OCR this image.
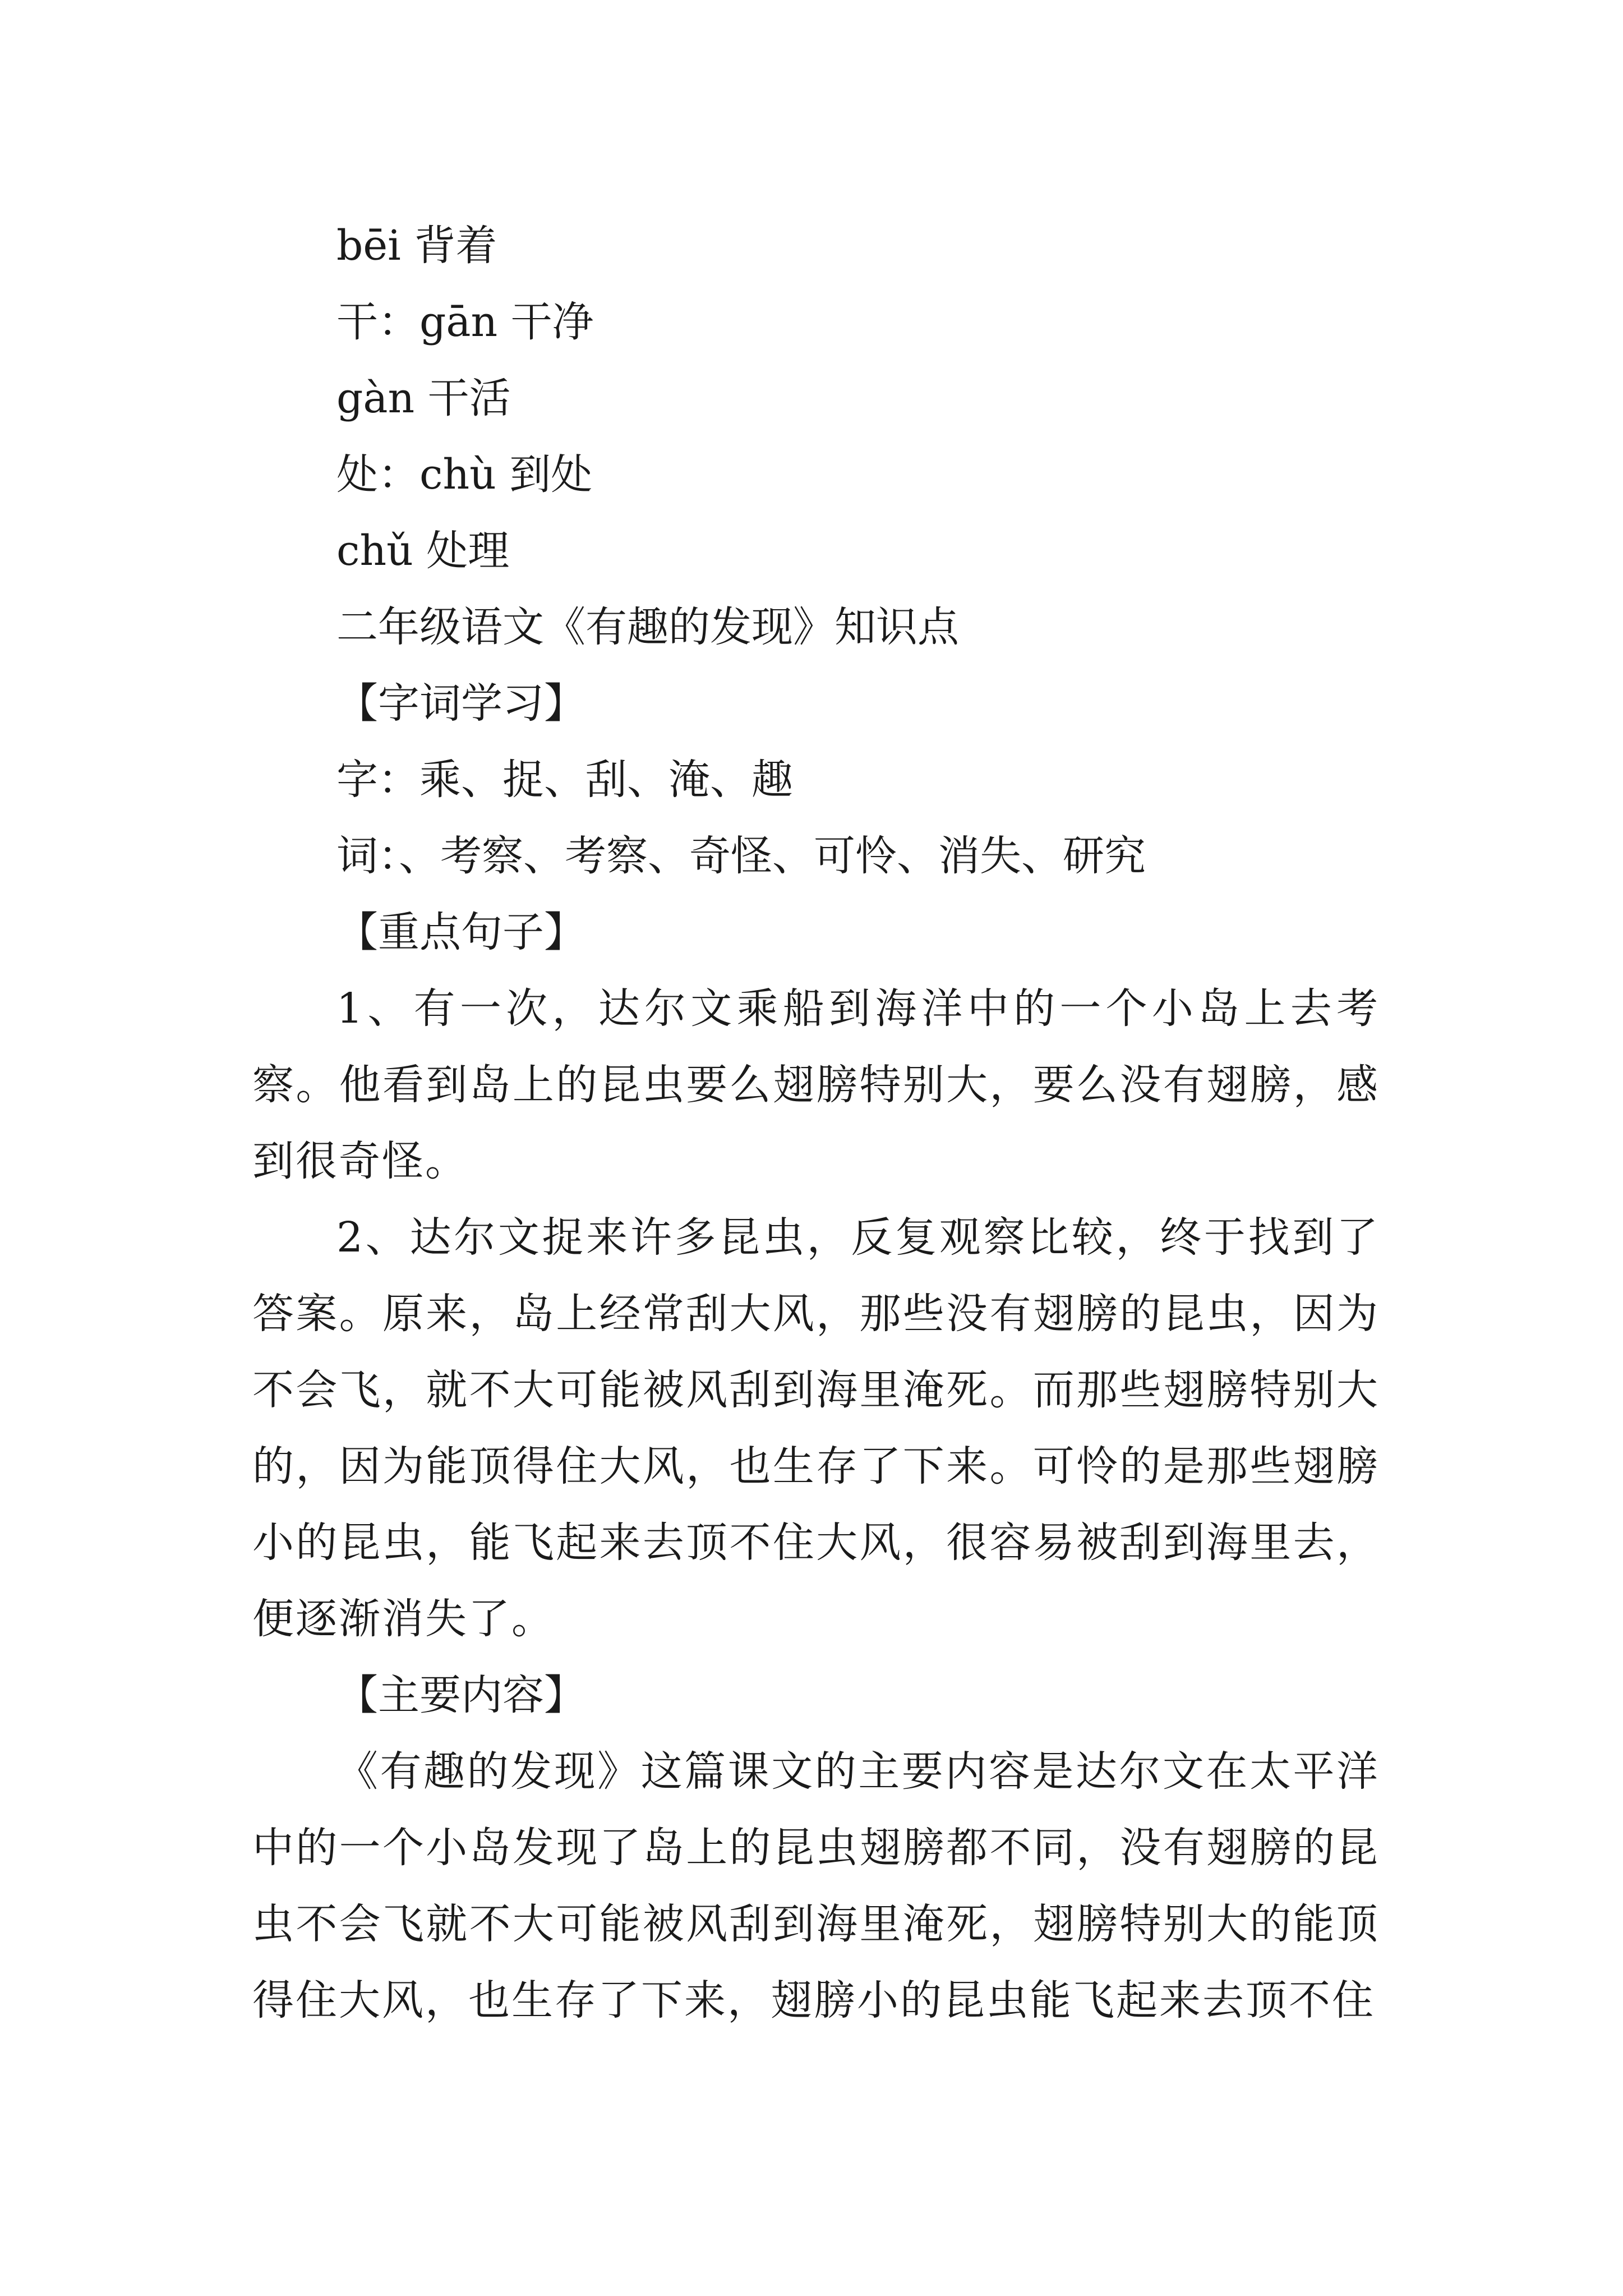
bēi 背着
干：gān 干净
gàn 干活
处：chù 到处
chǔ 处理
二年级语文《有趣的发现》知识点
【字词学习】
字：乘、捉、刮、淹、趣
词：、考察、考察、奇怪、可怜、消失、研究
【重点句子】

1、有一次，达尔文乘船到海洋中的一个小岛上去考察。他看到岛上的昆虫要么翅膀特别大，要么没有翅膀，感到很奇怪。

2、达尔文捉来许多昆虫，反复观察比较，终于找到了答案。原来，岛上经常刮大风，那些没有翅膀的昆虫，因为不会飞，就不大可能被风刮到海里淹死。而那些翅膀特别大的，因为能顶得住大风，也生存了下来。可怜的是那些翅膀小的昆虫，能飞起来去顶不住大风，很容易被刮到海里去，便逐渐消失了。

【主要内容】

《有趣的发现》这篇课文的主要内容是达尔文在太平洋中的一个小岛发现了岛上的昆虫翅膀都不同，没有翅膀的昆虫不会飞就不大可能被风刮到海里淹死，翅膀特别大的能顶得住大风，也生存了下来，翅膀小的昆虫能飞起来去顶不住
